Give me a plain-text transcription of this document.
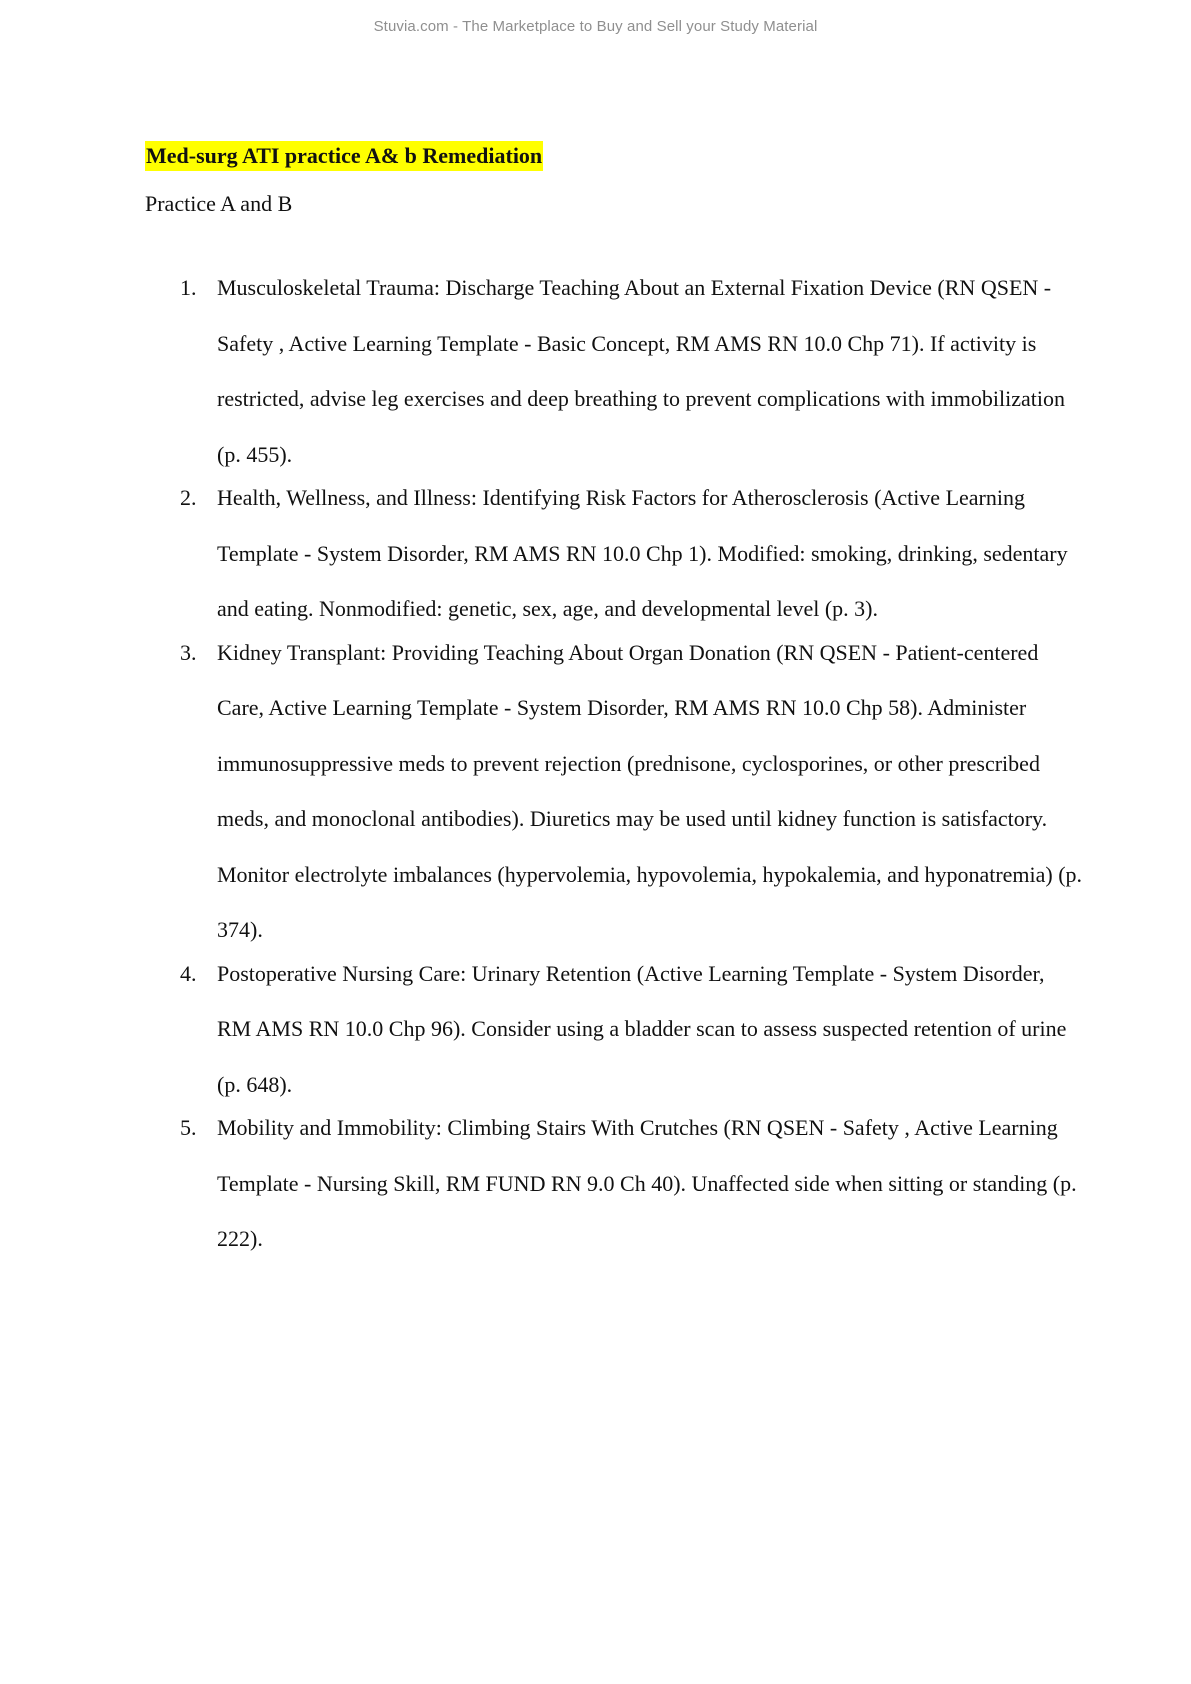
Stuvia.com - The Marketplace to Buy and Sell your Study Material
Med-surg ATI practice A& b Remediation
Practice A and B
1. Musculoskeletal Trauma: Discharge Teaching About an External Fixation Device (RN QSEN - Safety , Active Learning Template - Basic Concept, RM AMS RN 10.0 Chp 71). If activity is restricted, advise leg exercises and deep breathing to prevent complications with immobilization (p. 455).
2. Health, Wellness, and Illness: Identifying Risk Factors for Atherosclerosis (Active Learning Template - System Disorder, RM AMS RN 10.0 Chp 1). Modified: smoking, drinking, sedentary and eating. Nonmodified: genetic, sex, age, and developmental level (p. 3).
3. Kidney Transplant: Providing Teaching About Organ Donation (RN QSEN - Patient-centered Care, Active Learning Template - System Disorder, RM AMS RN 10.0 Chp 58). Administer immunosuppressive meds to prevent rejection (prednisone, cyclosporines, or other prescribed meds, and monoclonal antibodies). Diuretics may be used until kidney function is satisfactory. Monitor electrolyte imbalances (hypervolemia, hypovolemia, hypokalemia, and hyponatremia) (p. 374).
4. Postoperative Nursing Care: Urinary Retention (Active Learning Template - System Disorder, RM AMS RN 10.0 Chp 96). Consider using a bladder scan to assess suspected retention of urine (p. 648).
5. Mobility and Immobility: Climbing Stairs With Crutches (RN QSEN - Safety , Active Learning Template - Nursing Skill, RM FUND RN 9.0 Ch 40). Unaffected side when sitting or standing (p. 222).
